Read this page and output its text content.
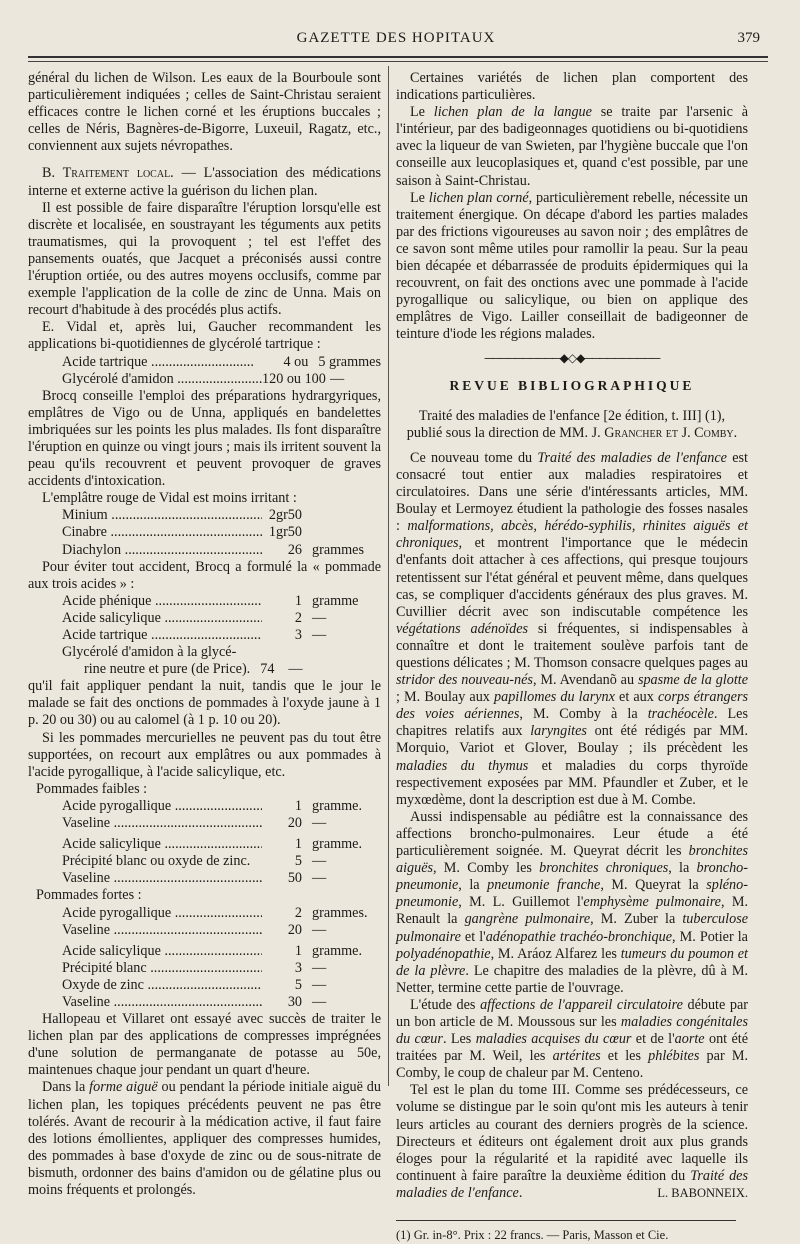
GAZETTE DES HOPITAUX	379

général du lichen de Wilson. Les eaux de la Bourboule sont particulièrement indiquées ; celles de Saint-Christau seraient efficaces contre le lichen corné et les éruptions buccales ; celles de Néris, Bagnères-de-Bigorre, Luxeuil, Ragatz, etc., conviennent aux sujets névropathes.

B. Traitement local. — L'association des médications interne et externe active la guérison du lichen plan.

Il est possible de faire disparaître l'éruption lorsqu'elle est discrète et localisée, en soustrayant les téguments aux petits traumatismes, qui la provoquent ; tel est l'effet des pansements ouatés, que Jacquet a préconisés aussi contre l'éruption ortiée, ou des autres moyens occlusifs, comme par exemple l'application de la colle de zinc de Unna. Mais on recourt d'habitude à des procédés plus actifs.

E. Vidal et, après lui, Gaucher recommandent les applications bi-quotidiennes de glycérolé tartrique :

Acide tartrique .....	4 ou 5 grammes
Glycérolé d'amidon .....	120 ou 100 —

Brocq conseille l'emploi des préparations hydrargyriques, emplâtres de Vigo ou de Unna, appliqués en bandelettes imbriquées sur les points les plus malades. Ils font disparaître l'éruption en quinze ou vingt jours ; mais ils irritent souvent la peau qu'ils recouvrent et peuvent provoquer de graves accidents d'intoxication.

L'emplâtre rouge de Vidal est moins irritant :

Minium .....	2gr50
Cinabre .....	1gr50
Diachylon .....	26 grammes

Pour éviter tout accident, Brocq a formulé la « pommade aux trois acides » :

Acide phénique .....	1 gramme
Acide salicylique .....	2 —
Acide tartrique .....	3 —
Glycérolé d'amidon à la glycé-
rine neutre et pure (de Price). 74 —

qu'il fait appliquer pendant la nuit, tandis que le jour le malade se fait des onctions de pommades à l'oxyde jaune à 1 p. 20 ou 30) ou au calomel (à 1 p. 10 ou 20).

Si les pommades mercurielles ne peuvent pas du tout être supportées, on recourt aux emplâtres ou aux pommades à l'acide pyrogallique, à l'acide salicylique, etc.

Pommades faibles :

Acide pyrogallique .....	1 gramme.
Vaseline .....	20 —
Acide salicylique .....	1 gramme.
Précipité blanc ou oxyde de zinc.	5 —
Vaseline .....	50 —

Pommades fortes :

Acide pyrogallique .....	2 grammes.
Vaseline .....	20 —
Acide salicylique .....	1 gramme.
Précipité blanc .....	3 —
Oxyde de zinc .....	5 —
Vaseline .....	30 —

Hallopeau et Villaret ont essayé avec succès de traiter le lichen plan par des applications de compresses imprégnées d'une solution de permanganate de potasse au 50e, maintenues chaque jour pendant un quart d'heure.

Dans la forme aiguë ou pendant la période initiale aiguë du lichen plan, les topiques précédents peuvent ne pas être tolérés. Avant de recourir à la médication active, il faut faire des lotions émollientes, appliquer des compresses humides, des pommades à base d'oxyde de zinc ou de sous-nitrate de bismuth, ordonner des bains d'amidon ou de gélatine plus ou moins fréquents et prolongés.

Certaines variétés de lichen plan comportent des indications particulières.

Le lichen plan de la langue se traite par l'arsenic à l'intérieur, par des badigeonnages quotidiens ou bi-quotidiens avec la liqueur de van Swieten, par l'hygiène buccale que l'on conseille aux leucoplasiques et, quand c'est possible, par une saison à Saint-Christau.

Le lichen plan corné, particulièrement rebelle, nécessite un traitement énergique. On décape d'abord les parties malades par des frictions vigoureuses au savon noir ; des emplâtres de ce savon sont même utiles pour ramollir la peau. Sur la peau bien décapée et débarrassée de produits épidermiques qui la recouvrent, on fait des onctions avec une pommade à l'acide pyrogallique ou salicylique, ou bien on applique des emplâtres de Vigo. Lailler conseillait de badigeonner de teinture d'iode les régions malades.

──────────◆◇◆──────────
REVUE BIBLIOGRAPHIQUE

Traité des maladies de l'enfance [2e édition, t. III] (1), publié sous la direction de MM. J. Grancher et J. Comby.

Ce nouveau tome du Traité des maladies de l'enfance est consacré tout entier aux maladies respiratoires et circulatoires. Dans une série d'intéressants articles, MM. Boulay et Lermoyez étudient la pathologie des fosses nasales : malformations, abcès, hérédo-syphilis, rhinites aiguës et chroniques, et montrent l'importance que le médecin d'enfants doit attacher à ces affections, qui presque toujours retentissent sur l'état général et peuvent même, dans quelques cas, se compliquer d'accidents généraux des plus graves. M. Cuvillier décrit avec son indiscutable compétence les végétations adénoïdes si fréquentes, si indispensables à connaître et dont le traitement soulève parfois tant de questions délicates ; M. Thomson consacre quelques pages au stridor des nouveau-nés, M. Avendanõ au spasme de la glotte ; M. Boulay aux papillomes du larynx et aux corps étrangers des voies aériennes, M. Comby à la trachéocèle. Les chapitres relatifs aux laryngites ont été rédigés par MM. Morquio, Variot et Glover, Boulay ; ils précèdent les maladies du thymus et maladies du corps thyroïde respectivement exposées par MM. Pfaundler et Zuber, et le myxœdème, dont la description est due à M. Combe.

Aussi indispensable au pédiâtre est la connaissance des affections broncho-pulmonaires. Leur étude a été particulièrement soignée. M. Queyrat décrit les bronchites aiguës, M. Comby les bronchites chroniques, la broncho-pneumonie, la pneumonie franche, M. Queyrat la spléno-pneumonie, M. L. Guillemot l'emphysème pulmonaire, M. Renault la gangrène pulmonaire, M. Zuber la tuberculose pulmonaire et l'adénopathie trachéo-bronchique, M. Potier la polyadénopathie, M. Aráoz Alfarez les tumeurs du poumon et de la plèvre. Le chapitre des maladies de la plèvre, dû à M. Netter, termine cette partie de l'ouvrage.

L'étude des affections de l'appareil circulatoire débute par un bon article de M. Moussous sur les maladies congénitales du cœur. Les maladies acquises du cœur et de l'aorte ont été traitées par M. Weil, les artérites et les phlébites par M. Comby, le coup de chaleur par M. Centeno.

Tel est le plan du tome III. Comme ses prédécesseurs, ce volume se distingue par le soin qu'ont mis les auteurs à tenir leurs articles au courant des derniers progrès de la science. Directeurs et éditeurs ont également droit aux plus grands éloges pour la régularité et la rapidité avec laquelle ils continuent à faire paraître la deuxième édition du Traité des maladies de l'enfance.	L. BABONNEIX.

(1) Gr. in-8°. Prix : 22 francs. — Paris, Masson et Cie.
